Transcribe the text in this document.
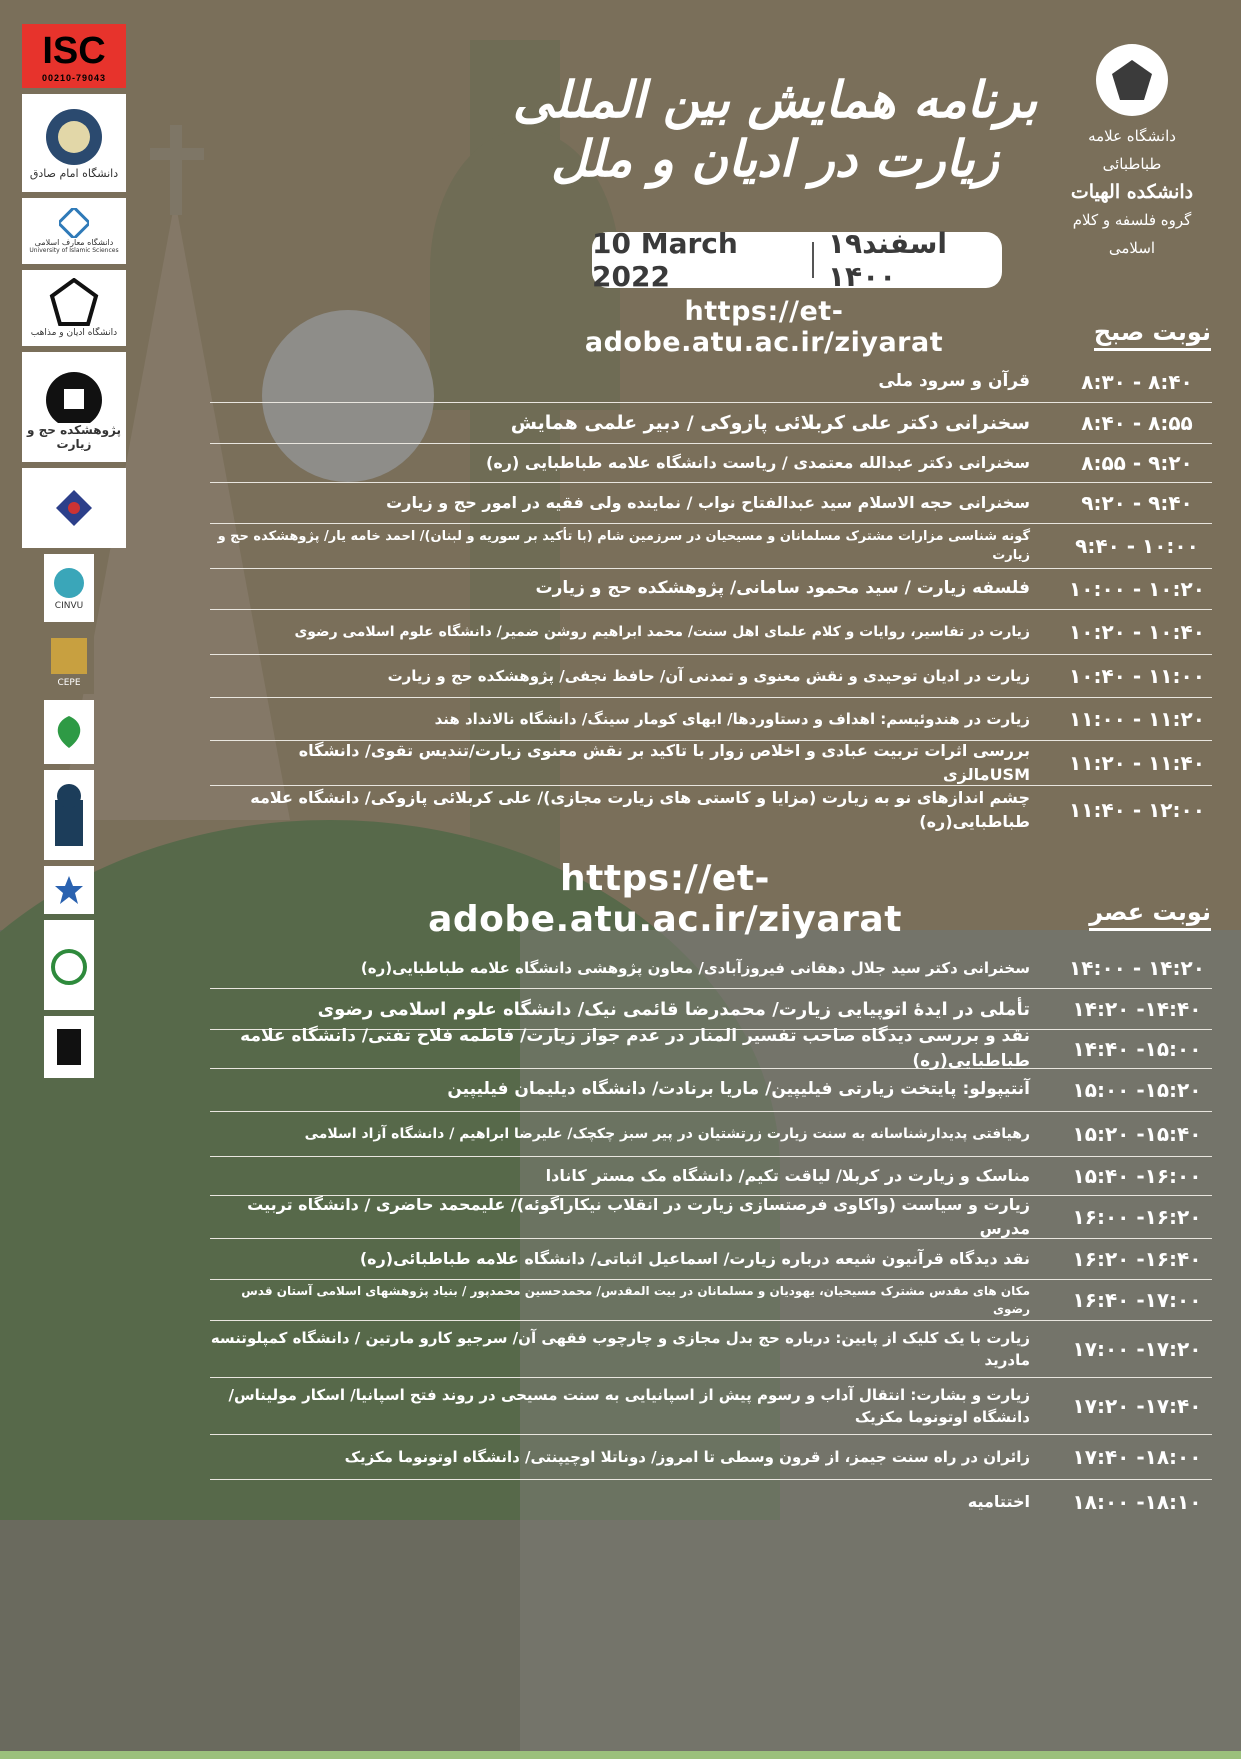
ISC
00210-79043
دانشگاه امام صادق
دانشگاه معارف اسلامی
University of Islamic Sciences
دانشگاه ادیان و مذاهب
پژوهشکده حج و زیارت
CINVU
CEPE
دانشگاه علامه طباطبائی
دانشکده الهیات
گروه فلسفه و کلام اسلامی
برنامه همایش بین المللی زیارت در ادیان و ملل
10 March 2022
۱۹اسفند ۱۴۰۰
https://et-adobe.atu.ac.ir/ziyarat	نوبت صبح
۸:۳۰ - ۸:۴۰
قرآن و سرود ملی
۸:۴۰ - ۸:۵۵
سخنرانی دکتر علی کربلائی پازوکی / دبیر علمی همایش
۸:۵۵ - ۹:۲۰
سخنرانی دکتر عبدالله معتمدی / ریاست دانشگاه علامه طباطبایی (ره)
۹:۲۰ - ۹:۴۰
سخنرانی حجه الاسلام سید عبدالفتاح نواب / نماینده ولی فقیه در امور حج و زیارت
۹:۴۰ - ۱۰:۰۰
گونه شناسی مزارات مشترک مسلمانان و مسیحیان در سرزمین شام (با تأکید بر سوریه و لبنان)/ احمد خامه یار/ پژوهشکده حج و زیارت
۱۰:۰۰ - ۱۰:۲۰
فلسفه زیارت / سید محمود سامانی/ پژوهشکده حج و زیارت
۱۰:۲۰ - ۱۰:۴۰
زیارت در تفاسیر، روایات و کلام علمای اهل سنت/ محمد ابراهیم روشن ضمیر/ دانشگاه علوم اسلامی رضوی
۱۰:۴۰ - ۱۱:۰۰
زیارت در ادیان توحیدی و نقش معنوی و تمدنی آن/ حافظ نجفی/ پژوهشکده حج و زیارت
۱۱:۰۰ - ۱۱:۲۰
زیارت در هندوئیسم: اهداف و دستاوردها/ ابهای کومار سینگ/ دانشگاه نالانداد هند
۱۱:۲۰ - ۱۱:۴۰
بررسی اثرات تربیت عبادی و اخلاص زوار با تاکید بر نقش معنوی زیارت/تندیس تقوی/ دانشگاه USMمالزی
۱۱:۴۰ - ۱۲:۰۰
چشم اندازهای نو به زیارت (مزایا و کاستی های زیارت مجازی)/ علی کربلائی پازوکی/ دانشگاه علامه طباطبایی(ره)
https://et-adobe.atu.ac.ir/ziyarat	نوبت عصر
۱۴:۰۰ - ۱۴:۲۰
سخنرانی دکتر سید جلال دهقانی فیروزآبادی/ معاون پژوهشی دانشگاه علامه طباطبایی(ره)
۱۴:۲۰ -۱۴:۴۰
تأملی در ایدۀ اتوپیایی زیارت/ محمدرضا قائمی نیک/ دانشگاه علوم اسلامی رضوی
۱۴:۴۰ -۱۵:۰۰
نقد و بررسی دیدگاه صاحب تفسیر المنار در عدم جواز زیارت/ فاطمه فلاح تفتی/ دانشگاه علامه طباطبایی(ره)
۱۵:۰۰ -۱۵:۲۰
آنتیپولو: پایتخت زیارتی فیلیپین/ ماریا برنادت/ دانشگاه دیلیمان فیلیپین
۱۵:۲۰ -۱۵:۴۰
رهیافتی پدیدارشناسانه به سنت زیارت زرتشتیان در پیر سبز چکچک/ علیرضا ابراهیم / دانشگاه آزاد اسلامی
۱۵:۴۰ -۱۶:۰۰
مناسک و زیارت در کربلا/ لیاقت تکیم/ دانشگاه مک مستر کانادا
۱۶:۰۰ -۱۶:۲۰
زیارت و سیاست (واکاوی فرصتسازی زیارت در انقلاب نیکاراگوئه)/ علیمحمد حاضری / دانشگاه تربیت مدرس
۱۶:۲۰ -۱۶:۴۰
نقد دیدگاه قرآنیون شیعه درباره زیارت/ اسماعیل اثباتی/ دانشگاه علامه طباطبائی(ره)
۱۶:۴۰ -۱۷:۰۰
مکان های مقدس مشترک مسیحیان، یهودیان و مسلمانان در بیت المقدس/ محمدحسین محمدپور / بنیاد پژوهشهای اسلامی آستان قدس رضوی
۱۷:۰۰ -۱۷:۲۰
زیارت با یک کلیک از پایین: درباره حج بدل مجازی و چارچوب فقهی آن/ سرجیو کارو مارتین / دانشگاه کمپلوتنسه مادرید
۱۷:۲۰ -۱۷:۴۰
زیارت و بشارت: انتقال آداب و رسوم پیش از اسپانیایی به سنت مسیحی در روند فتح اسپانیا/ اسکار مولیناس/ دانشگاه اوتونوما مکزیک
۱۷:۴۰ -۱۸:۰۰
زائران در راه سنت جیمز، از قرون وسطی تا امروز/ دوناتلا اوچیپنتی/ دانشگاه اوتونوما مکزیک
۱۸:۰۰ -۱۸:۱۰
اختتامیه
